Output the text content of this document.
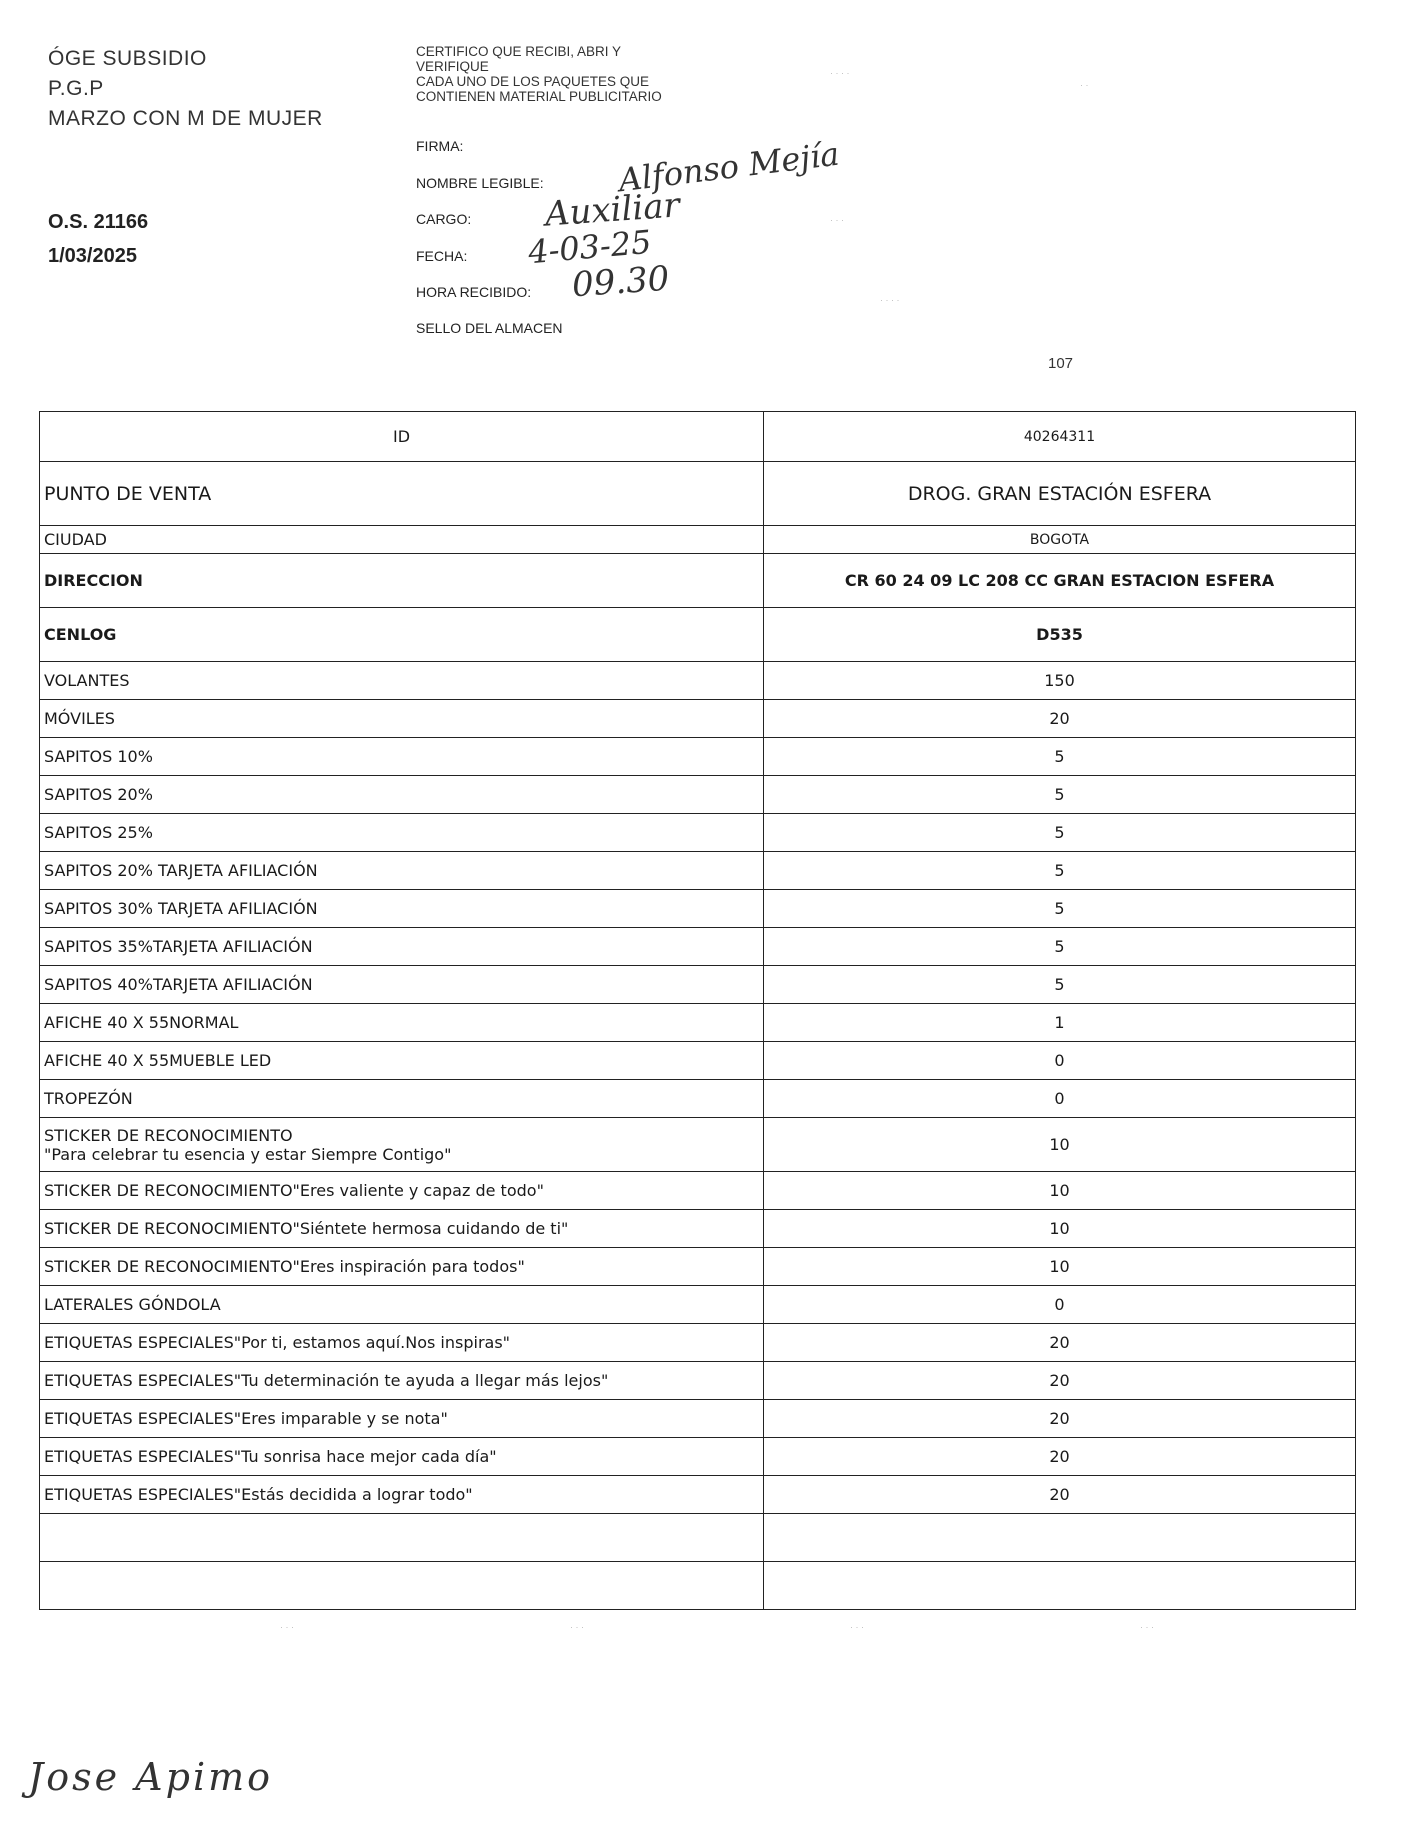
ÓGE SUBSIDIO
P.G.P
MARZO CON M DE MUJER
O.S. 21166
1/03/2025
CERTIFICO QUE RECIBI, ABRI Y
VERIFIQUE
CADA UNO DE LOS PAQUETES QUE
CONTIENEN MATERIAL PUBLICITARIO
FIRMA:
NOMBRE LEGIBLE: Alfonso Mejía
CARGO: Auxiliar
FECHA: 4-03-25
HORA RECIBIDO: 09.30
SELLO DEL ALMACEN
107
· · · ·
· ·
· · ·
· · · ·
· · ·	· · ·	· · ·	· · ·
ID	40264311
PUNTO DE VENTA	DROG. GRAN ESTACIÓN ESFERA
CIUDAD	BOGOTA
DIRECCION	CR 60 24 09 LC 208 CC GRAN ESTACION ESFERA
CENLOG	D535
VOLANTES	150
MÓVILES	20
SAPITOS 10%	5
SAPITOS 20%	5
SAPITOS 25%	5
SAPITOS 20% TARJETA AFILIACIÓN	5
SAPITOS 30% TARJETA AFILIACIÓN	5
SAPITOS 35%TARJETA AFILIACIÓN	5
SAPITOS 40%TARJETA AFILIACIÓN	5
AFICHE 40 X 55NORMAL	1
AFICHE 40 X 55MUEBLE LED	0
TROPEZÓN	0

STICKER DE RECONOCIMIENTO
"Para celebrar tu esencia y estar Siempre Contigo"	10
STICKER DE RECONOCIMIENTO"Eres valiente y capaz de todo"	10
STICKER DE RECONOCIMIENTO"Siéntete hermosa cuidando de ti"	10
STICKER DE RECONOCIMIENTO"Eres inspiración para todos"	10
LATERALES GÓNDOLA	0
ETIQUETAS ESPECIALES"Por ti, estamos aquí.Nos inspiras"	20
ETIQUETAS ESPECIALES"Tu determinación te ayuda a llegar más lejos"	20
ETIQUETAS ESPECIALES"Eres imparable y se nota"	20
ETIQUETAS ESPECIALES"Tu sonrisa hace mejor cada día"	20
ETIQUETAS ESPECIALES"Estás decidida a lograr todo"	20

Jose Apimo
